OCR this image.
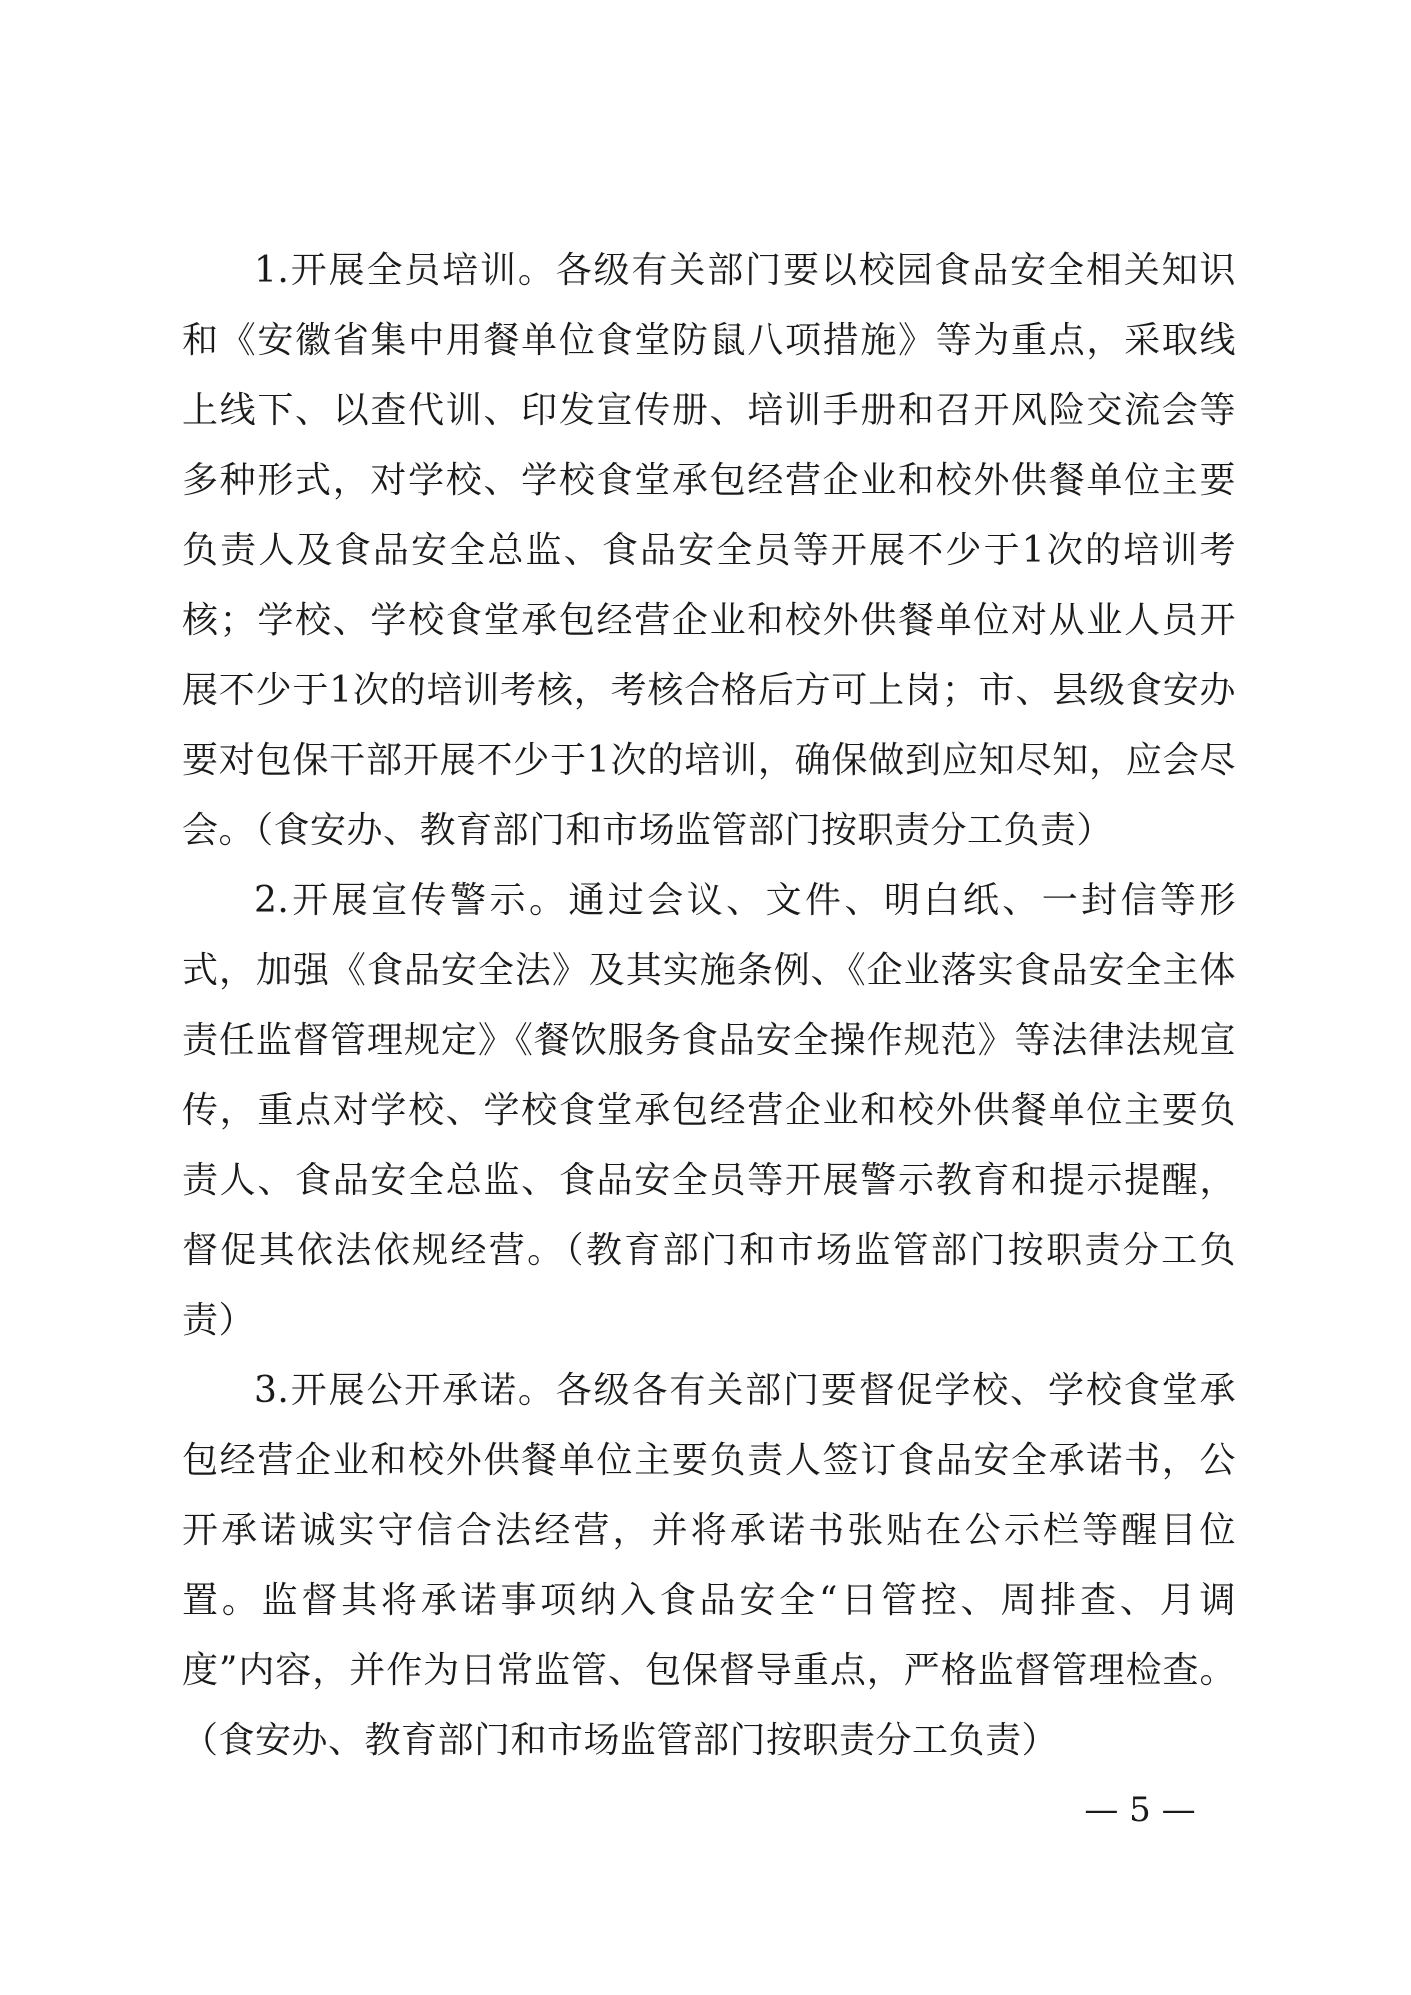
1.开展全员培训。各级有关部门要以校园食品安全相关知识和《安徽省集中用餐单位食堂防鼠八项措施》等为重点，采取线上线下、以查代训、印发宣传册、培训手册和召开风险交流会等多种形式，对学校、学校食堂承包经营企业和校外供餐单位主要负责人及食品安全总监、食品安全员等开展不少于1次的培训考核；学校、学校食堂承包经营企业和校外供餐单位对从业人员开展不少于1次的培训考核，考核合格后方可上岗；市、县级食安办要对包保干部开展不少于1次的培训，确保做到应知尽知，应会尽会。（食安办、教育部门和市场监管部门按职责分工负责）

2.开展宣传警示。通过会议、文件、明白纸、一封信等形式，加强《食品安全法》及其实施条例、《企业落实食品安全主体责任监督管理规定》《餐饮服务食品安全操作规范》等法律法规宣传，重点对学校、学校食堂承包经营企业和校外供餐单位主要负责人、食品安全总监、食品安全员等开展警示教育和提示提醒，督促其依法依规经营。（教育部门和市场监管部门按职责分工负责）

3.开展公开承诺。各级各有关部门要督促学校、学校食堂承包经营企业和校外供餐单位主要负责人签订食品安全承诺书，公开承诺诚实守信合法经营，并将承诺书张贴在公示栏等醒目位置。监督其将承诺事项纳入食品安全“日管控、周排查、月调度”内容，并作为日常监管、包保督导重点，严格监督管理检查。（食安办、教育部门和市场监管部门按职责分工负责）

— 5 —
